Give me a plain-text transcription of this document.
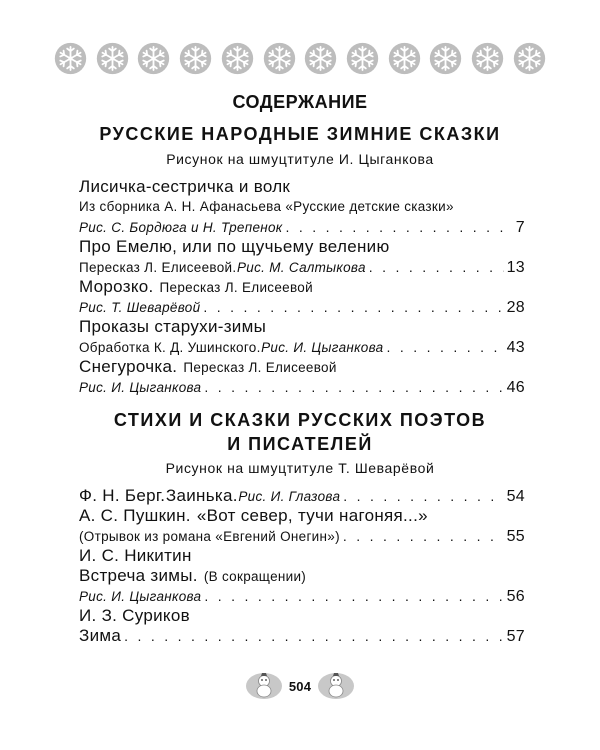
СОДЕРЖАНИЕ
РУССКИЕ НАРОДНЫЕ ЗИМНИЕ СКАЗКИ
Рисунок на шмуцтитуле И. Цыганкова
Лисичка-сестричка и волк
Из сборника А. Н. Афанасьева «Русские детские сказки»
Рис. С. Бордюга и Н. Трепенок . . .	7
Про Емелю, или по щучьему велению
Пересказ Л. Елисеевой. Рис. М. Салтыкова . . .	13
Морозко. Пересказ Л. Елисеевой
Рис. Т. Шеварёвой . . .	28
Проказы старухи-зимы
Обработка К. Д. Ушинского. Рис. И. Цыганкова . . .	43
Снегурочка. Пересказ Л. Елисеевой
Рис. И. Цыганкова . . .	46
СТИХИ И СКАЗКИ РУССКИХ ПОЭТОВ
И ПИСАТЕЛЕЙ
Рисунок на шмуцтитуле Т. Шеварёвой
Ф. Н. Берг. Заинька. Рис. И. Глазова . . .	54
А. С. Пушкин. «Вот север, тучи нагоняя...»
(Отрывок из романа «Евгений Онегин») . . .	55
И. С. Никитин
Встреча зимы. (В сокращении)
Рис. И. Цыганкова . . .	56
И. З. Суриков
Зима . . .	57
504
